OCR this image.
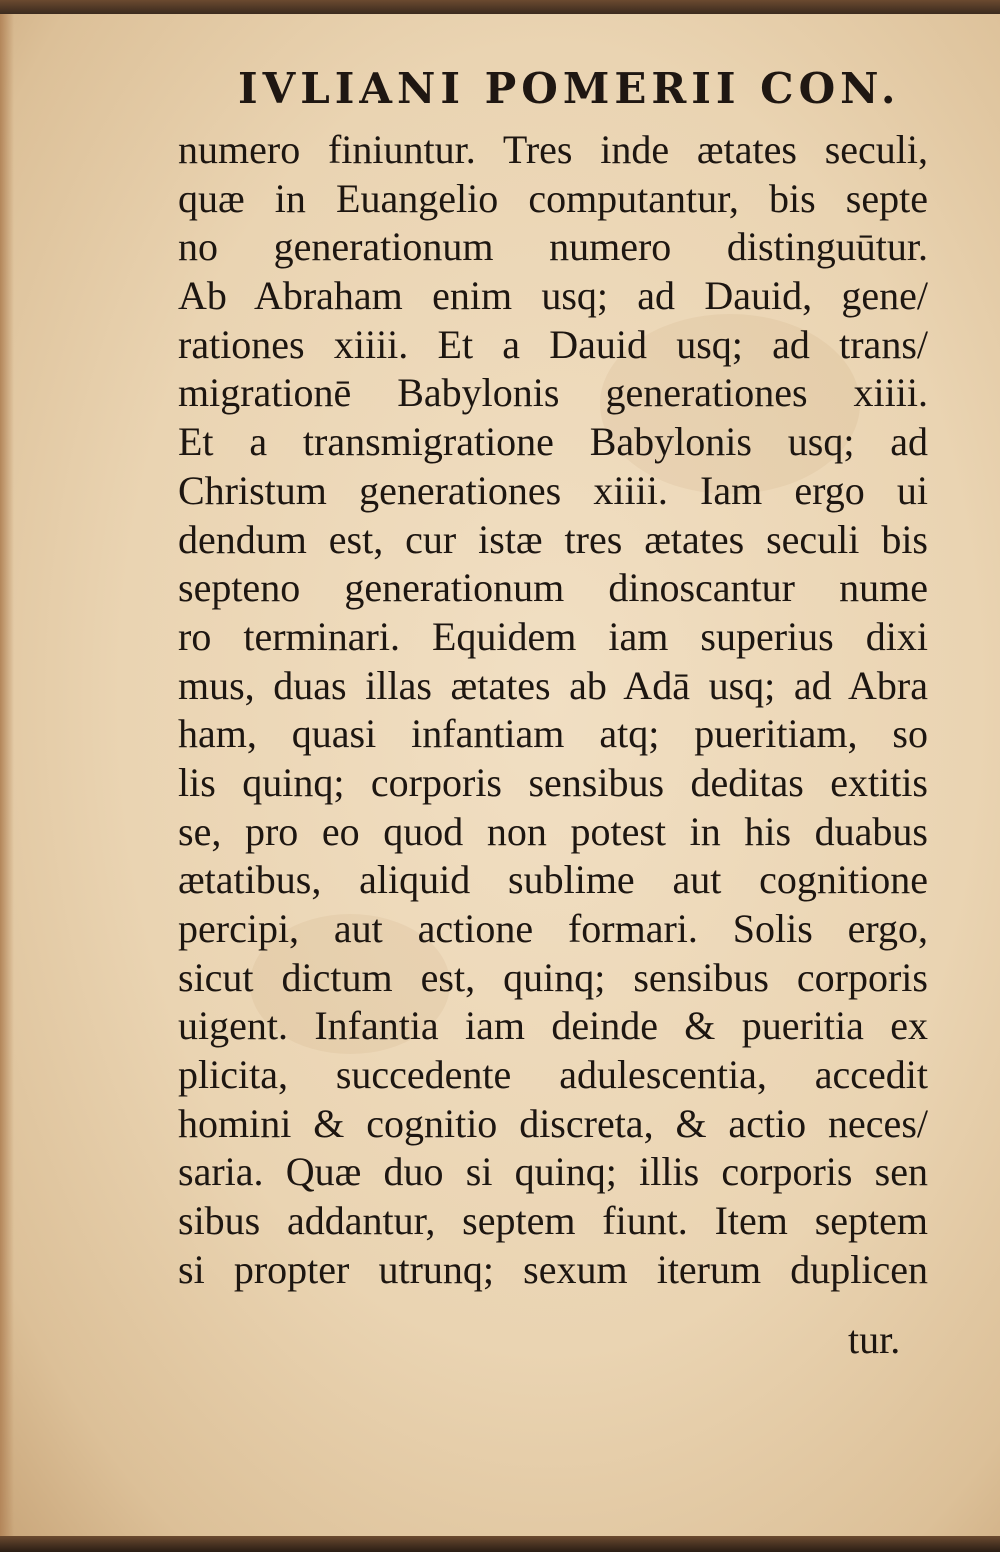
IVLIANI POMERII CON.
numero finiuntur. Tres inde ætates seculi,
quæ in Euangelio computantur, bis septe
no generationum numero distinguūtur.
Ab Abraham enim usq; ad Dauid, gene/
rationes xiiii. Et a Dauid usq; ad trans/
migrationē Babylonis generationes xiiii.
Et a transmigratione Babylonis usq; ad
Christum generationes xiiii. Iam ergo ui
dendum est, cur istæ tres ætates seculi bis
septeno generationum dinoscantur nume
ro terminari. Equidem iam superius dixi
mus, duas illas ætates ab Adā usq; ad Abra
ham, quasi infantiam atq; pueritiam, so
lis quinq; corporis sensibus deditas extitis
se, pro eo quod non potest in his duabus
ætatibus, aliquid sublime aut cognitione
percipi, aut actione formari. Solis ergo,
sicut dictum est, quinq; sensibus corporis
uigent. Infantia iam deinde & pueritia ex
plicita, succedente adulescentia, accedit
homini & cognitio discreta, & actio neces/
saria. Quæ duo si quinq; illis corporis sen
sibus addantur, septem fiunt. Item septem
si propter utrunq; sexum iterum duplicen
tur.
